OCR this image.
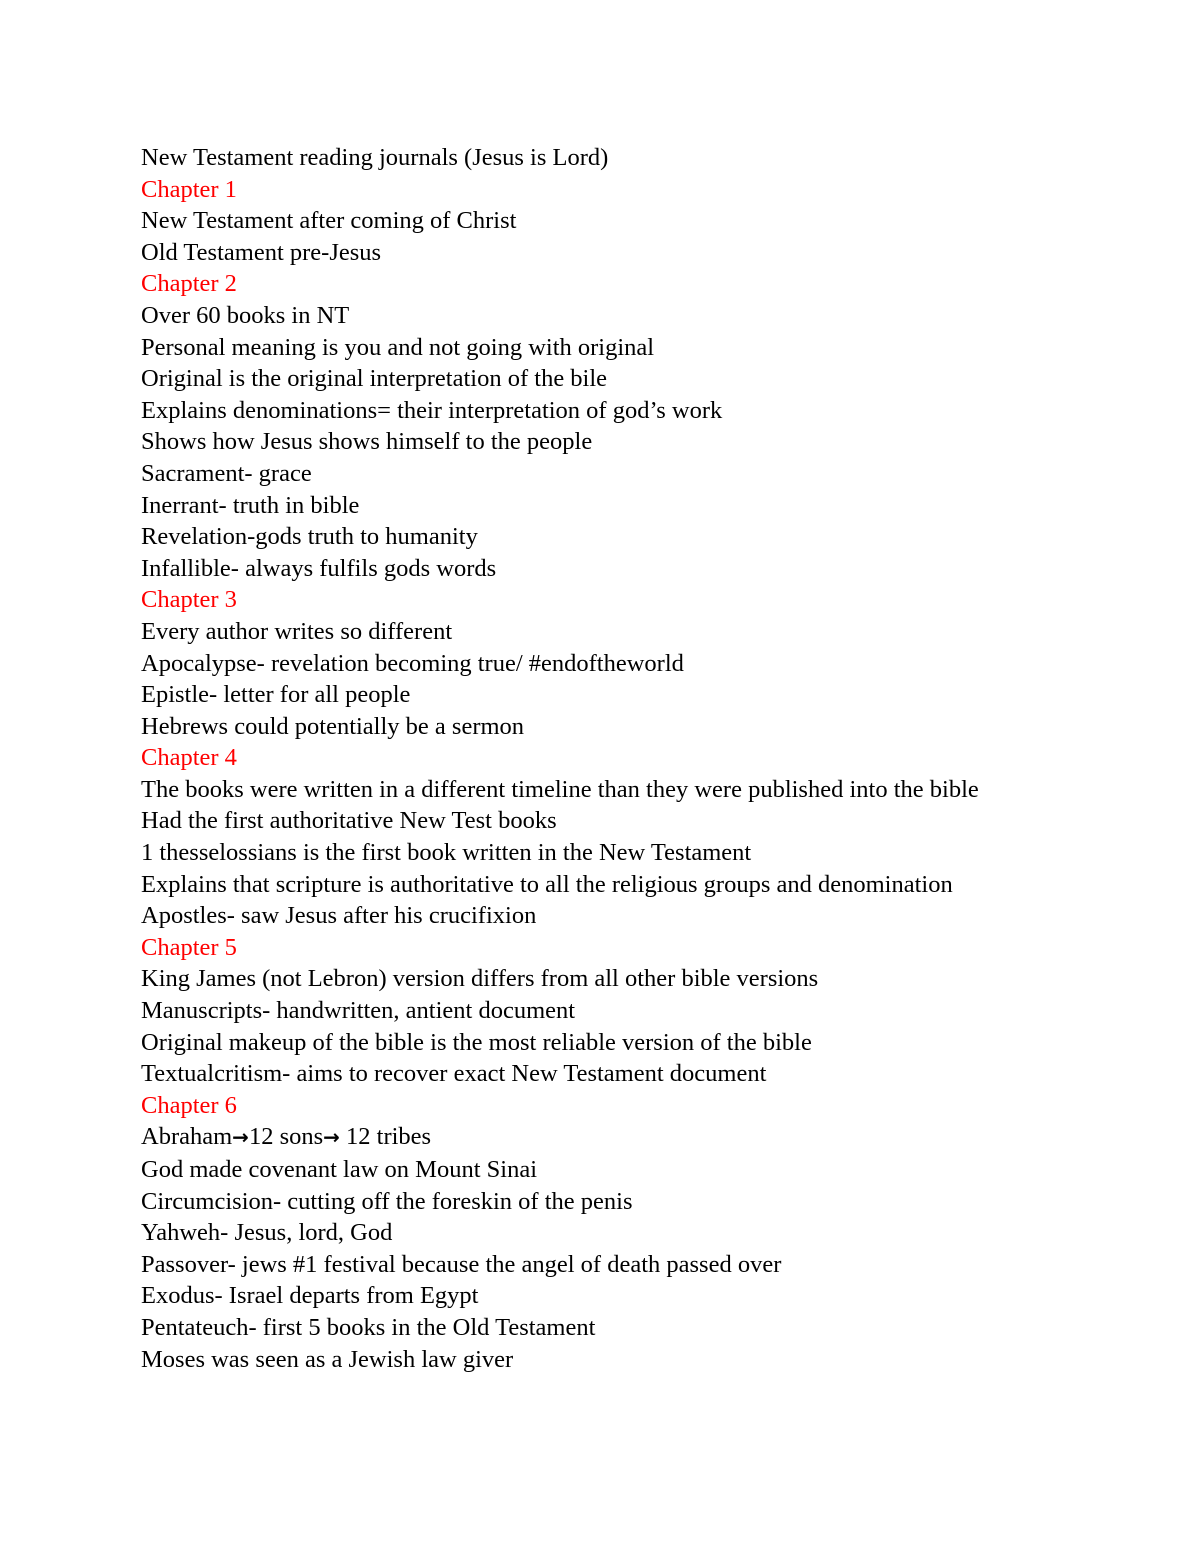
New Testament reading journals (Jesus is Lord)

Chapter 1

New Testament after coming of Christ

Old Testament pre-Jesus

Chapter 2

Over 60 books in NT

Personal meaning is you and not going with original

Original is the original interpretation of the bile

Explains denominations= their interpretation of god’s work

Shows how Jesus shows himself to the people

Sacrament- grace

Inerrant- truth in bible

Revelation-gods truth to humanity

Infallible- always fulfils gods words

Chapter 3

Every author writes so different

Apocalypse- revelation becoming true/ #endoftheworld

Epistle- letter for all people

Hebrews could potentially be a sermon

Chapter 4

The books were written in a different timeline than they were published into the bible

Had the first authoritative New Test books

1 thesselossians is the first book written in the New Testament

Explains that scripture is authoritative to all the religious groups and denomination

Apostles- saw Jesus after his crucifixion

Chapter 5

King James (not Lebron) version differs from all other bible versions

Manuscripts- handwritten, antient document

Original makeup of the bible is the most reliable version of the bible

Textualcritism- aims to recover exact New Testament document

Chapter 6

Abraham→12 sons→ 12 tribes

God made covenant law on Mount Sinai

Circumcision- cutting off the foreskin of the penis

Yahweh- Jesus, lord, God

Passover- jews #1 festival because the angel of death passed over

Exodus- Israel departs from Egypt

Pentateuch- first 5 books in the Old Testament

Moses was seen as a Jewish law giver
